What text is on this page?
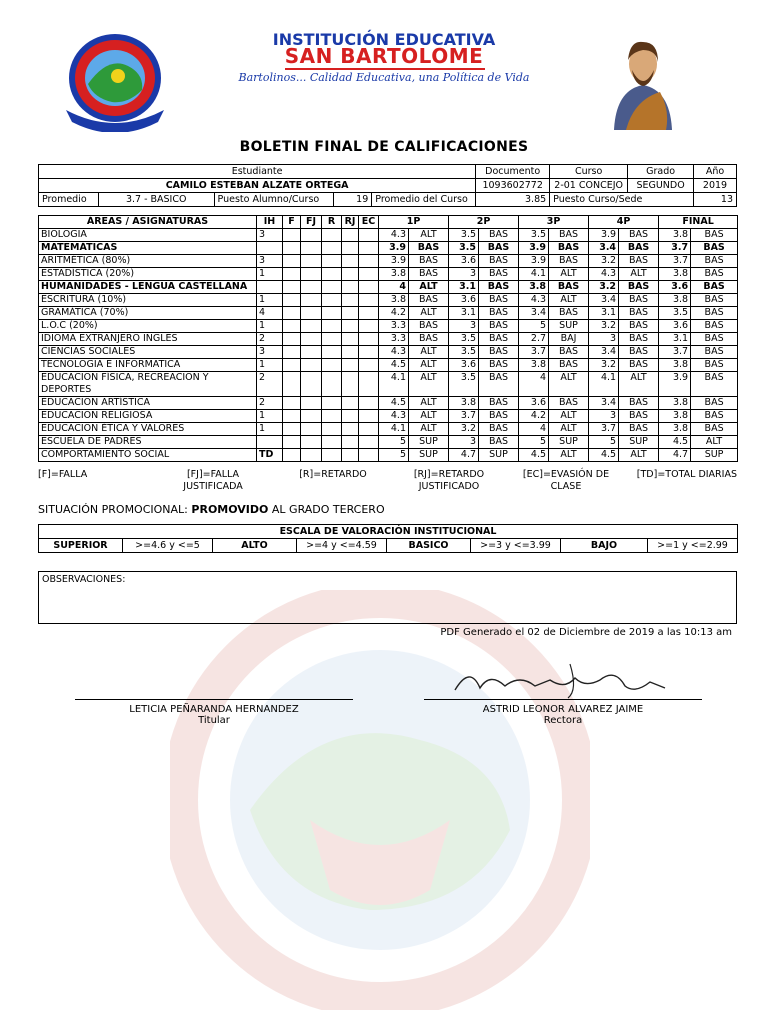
INSTITUCIÓN EDUCATIVA
SAN BARTOLOME
Bartolinos... Calidad Educativa, una Política de Vida
BOLETIN FINAL DE CALIFICACIONES
Estudiante					Documento	Curso	Grado	Año
CAMILO ESTEBAN ALZATE ORTEGA					1093602772	2-01 CONCEJO	SEGUNDO	2019
Promedio	3.7 - BASICO	Puesto Alumno/Curso	19	Promedio del Curso	3.85	Puesto Curso/Sede		13
ÁREAS / ASIGNATURAS	IH	F	FJ	R	RJ	EC	1P		2P		3P		4P		FINAL	
BIOLOGIA	3						4.3	ALT	3.5	BAS	3.5	BAS	3.9	BAS	3.8	BAS
MATEMÁTICAS							3.9	BAS	3.5	BAS	3.9	BAS	3.4	BAS	3.7	BAS
ARITMÉTICA (80%)	3						3.9	BAS	3.6	BAS	3.9	BAS	3.2	BAS	3.7	BAS
ESTADÍSTICA (20%)	1						3.8	BAS	3	BAS	4.1	ALT	4.3	ALT	3.8	BAS
HUMANIDADES - LENGUA CASTELLANA							4	ALT	3.1	BAS	3.8	BAS	3.2	BAS	3.6	BAS
ESCRITURA (10%)	1						3.8	BAS	3.6	BAS	4.3	ALT	3.4	BAS	3.8	BAS
GRAMÁTICA (70%)	4						4.2	ALT	3.1	BAS	3.4	BAS	3.1	BAS	3.5	BAS
L.O.C (20%)	1						3.3	BAS	3	BAS	5	SUP	3.2	BAS	3.6	BAS
IDIOMA EXTRANJERO INGLES	2						3.3	BAS	3.5	BAS	2.7	BAJ	3	BAS	3.1	BAS
CIENCIAS SOCIALES	3						4.3	ALT	3.5	BAS	3.7	BAS	3.4	BAS	3.7	BAS
TECNOLOGIA E INFORMATICA	1						4.5	ALT	3.6	BAS	3.8	BAS	3.2	BAS	3.8	BAS
EDUCACIÓN FÍSICA, RECREACIÓN Y DEPORTES	2						4.1	ALT	3.5	BAS	4	ALT	4.1	ALT	3.9	BAS
EDUCACION ARTÍSTICA	2						4.5	ALT	3.8	BAS	3.6	BAS	3.4	BAS	3.8	BAS
EDUCACION RELIGIOSA	1						4.3	ALT	3.7	BAS	4.2	ALT	3	BAS	3.8	BAS
EDUCACIÓN ÉTICA Y VALORES	1						4.1	ALT	3.2	BAS	4	ALT	3.7	BAS	3.8	BAS
ESCUELA DE PADRES							5	SUP	3	BAS	5	SUP	5	SUP	4.5	ALT
COMPORTAMIENTO SOCIAL	TD						5	SUP	4.7	SUP	4.5	ALT	4.5	ALT	4.7	SUP
[F]=FALLA	[FJ]=FALLA JUSTIFICADA
[R]=RETARDO	[RJ]=RETARDO JUSTIFICADO
[EC]=EVASIÓN DE CLASE
[TD]=TOTAL DIARIAS
SITUACIÓN PROMOCIONAL: PROMOVIDO AL GRADO TERCERO
ESCALA DE VALORACIÓN INSTITUCIONAL
SUPERIOR	>=4.6 y <=5	ALTO	>=4 y <=4.59	BASICO	>=3 y <=3.99	BAJO	>=1 y <=2.99
OBSERVACIONES:
PDF Generado el 02 de Diciembre de 2019 a las 10:13 am
LETICIA PEÑARANDA HERNANDEZ
Titular
ASTRID LEONOR ALVAREZ JAIME
Rectora
